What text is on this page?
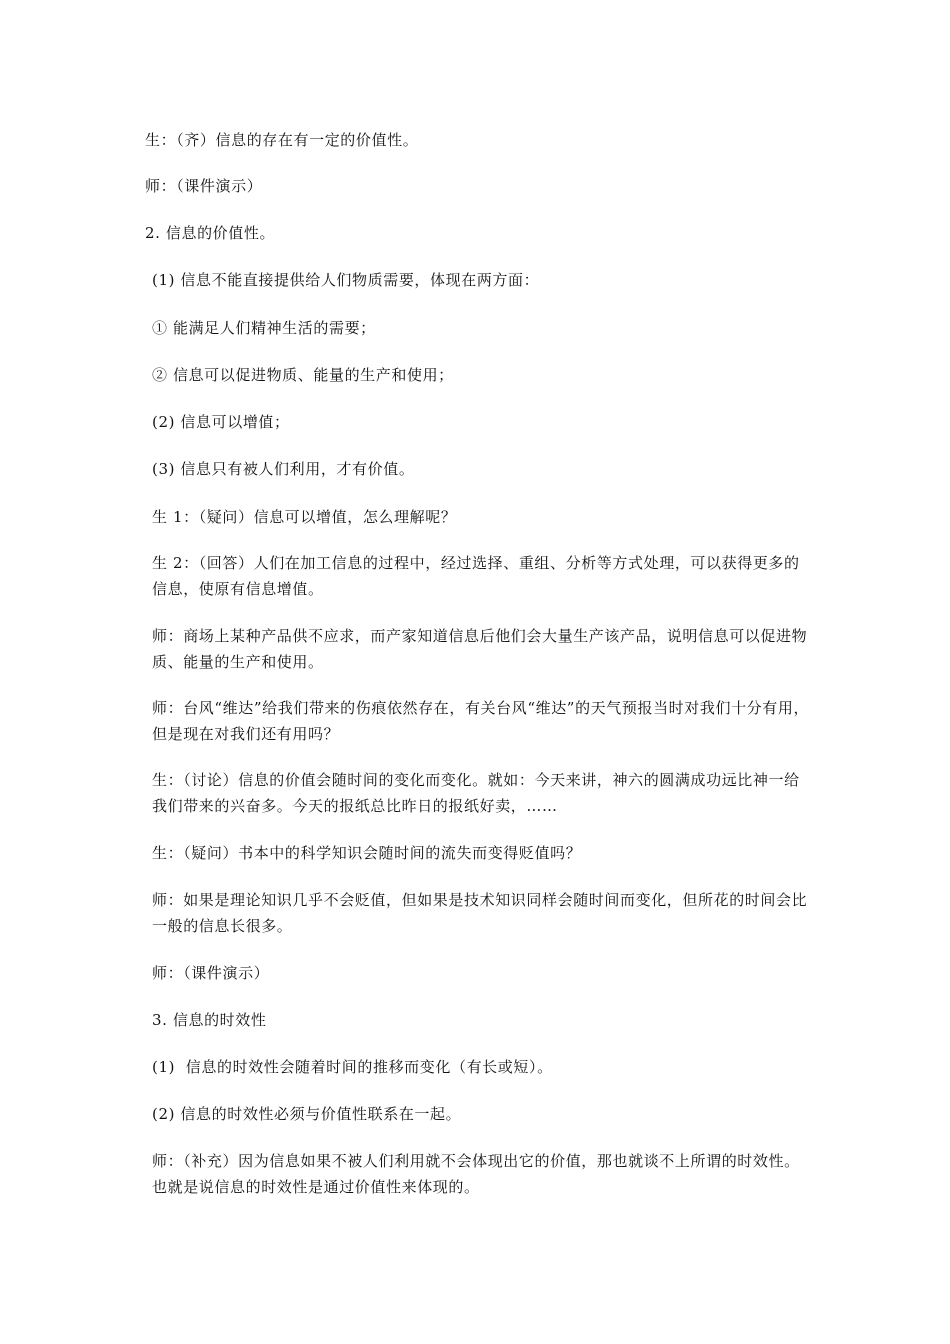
生：（齐）信息的存在有一定的价值性。

师：（课件演示）

2. 信息的价值性。

(1) 信息不能直接提供给人们物质需要，体现在两方面：

① 能满足人们精神生活的需要；

② 信息可以促进物质、能量的生产和使用；

(2) 信息可以增值；

(3) 信息只有被人们利用，才有价值。

生 1：（疑问）信息可以增值，怎么理解呢？

生 2：（回答）人们在加工信息的过程中，经过选择、重组、分析等方式处理，可以获得更多的信息，使原有信息增值。

师：商场上某种产品供不应求，而产家知道信息后他们会大量生产该产品，说明信息可以促进物质、能量的生产和使用。

师：台风“维达”给我们带来的伤痕依然存在，有关台风“维达”的天气预报当时对我们十分有用，但是现在对我们还有用吗？

生：（讨论）信息的价值会随时间的变化而变化。就如：今天来讲，神六的圆满成功远比神一给我们带来的兴奋多。今天的报纸总比昨日的报纸好卖，……

生：（疑问）书本中的科学知识会随时间的流失而变得贬值吗？

师：如果是理论知识几乎不会贬值，但如果是技术知识同样会随时间而变化，但所花的时间会比一般的信息长很多。

师：（课件演示）

3. 信息的时效性

(1)  信息的时效性会随着时间的推移而变化（有长或短）。

(2) 信息的时效性必须与价值性联系在一起。

师：（补充）因为信息如果不被人们利用就不会体现出它的价值，那也就谈不上所谓的时效性。也就是说信息的时效性是通过价值性来体现的。
